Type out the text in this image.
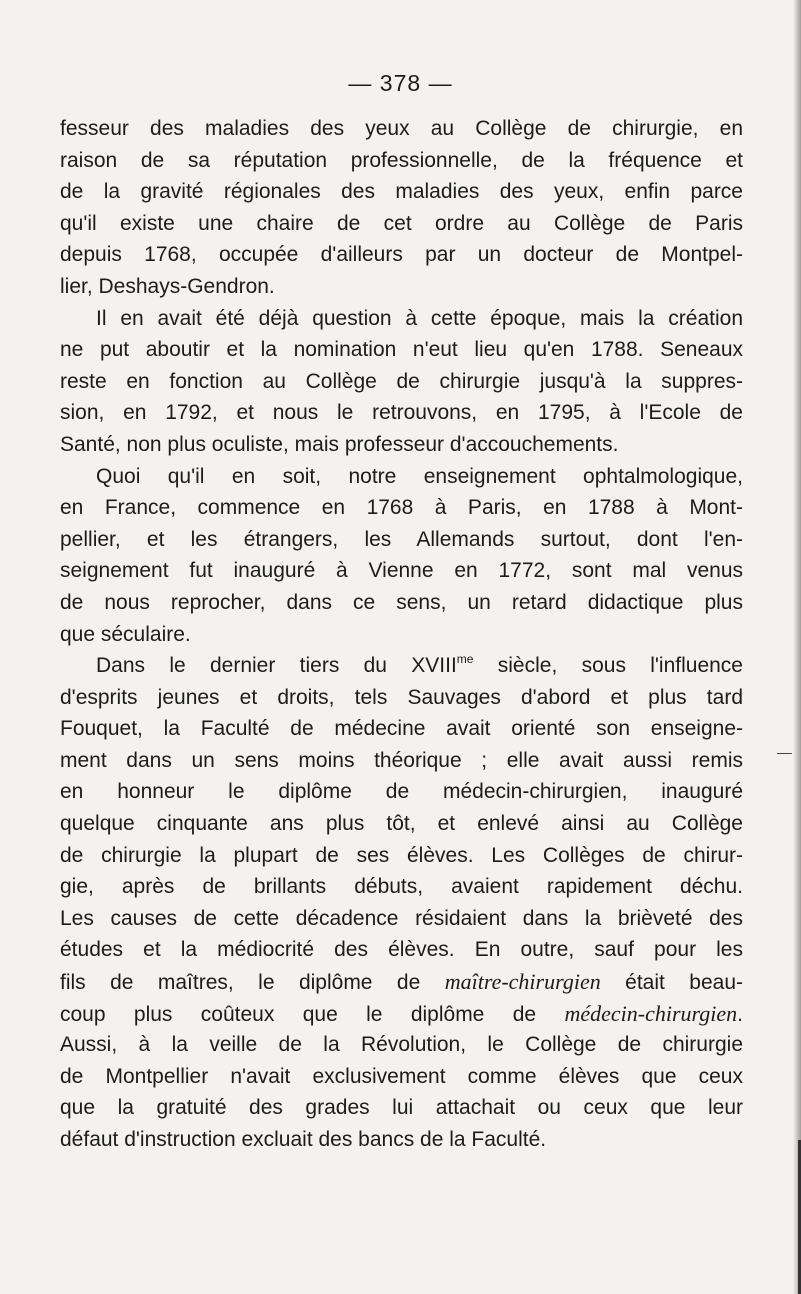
— 378 —
fesseur des maladies des yeux au Collège de chirurgie, en
raison de sa réputation professionnelle, de la fréquence et
de la gravité régionales des maladies des yeux, enfin parce
qu'il existe une chaire de cet ordre au Collège de Paris
depuis 1768, occupée d'ailleurs par un docteur de Montpel-
lier, Deshays-Gendron.
Il en avait été déjà question à cette époque, mais la création
ne put aboutir et la nomination n'eut lieu qu'en 1788. Seneaux
reste en fonction au Collège de chirurgie jusqu'à la suppres-
sion, en 1792, et nous le retrouvons, en 1795, à l'Ecole de
Santé, non plus oculiste, mais professeur d'accouchements.
Quoi qu'il en soit, notre enseignement ophtalmologique,
en France, commence en 1768 à Paris, en 1788 à Mont-
pellier, et les étrangers, les Allemands surtout, dont l'en-
seignement fut inauguré à Vienne en 1772, sont mal venus
de nous reprocher, dans ce sens, un retard didactique plus
que séculaire.
Dans le dernier tiers du $XVIII^{me}$ siècle, sous l'influence
d'esprits jeunes et droits, tels Sauvages d'abord et plus tard
Fouquet, la Faculté de médecine avait orienté son enseigne-
ment dans un sens moins théorique ; elle avait aussi remis
en honneur le diplôme de médecin-chirurgien, inauguré
quelque cinquante ans plus tôt, et enlevé ainsi au Collège
de chirurgie la plupart de ses élèves. Les Collèges de chirur-
gie, après de brillants débuts, avaient rapidement déchu.
Les causes de cette décadence résidaient dans la brièveté des
études et la médiocrité des élèves. En outre, sauf pour les
fils de maîtres, le diplôme de maître-chirurgien était beau-
coup plus coûteux que le diplôme de médecin-chirurgien.
Aussi, à la veille de la Révolution, le Collège de chirurgie
de Montpellier n'avait exclusivement comme élèves que ceux
que la gratuité des grades lui attachait ou ceux que leur
défaut d'instruction excluait des bancs de la Faculté.
_
